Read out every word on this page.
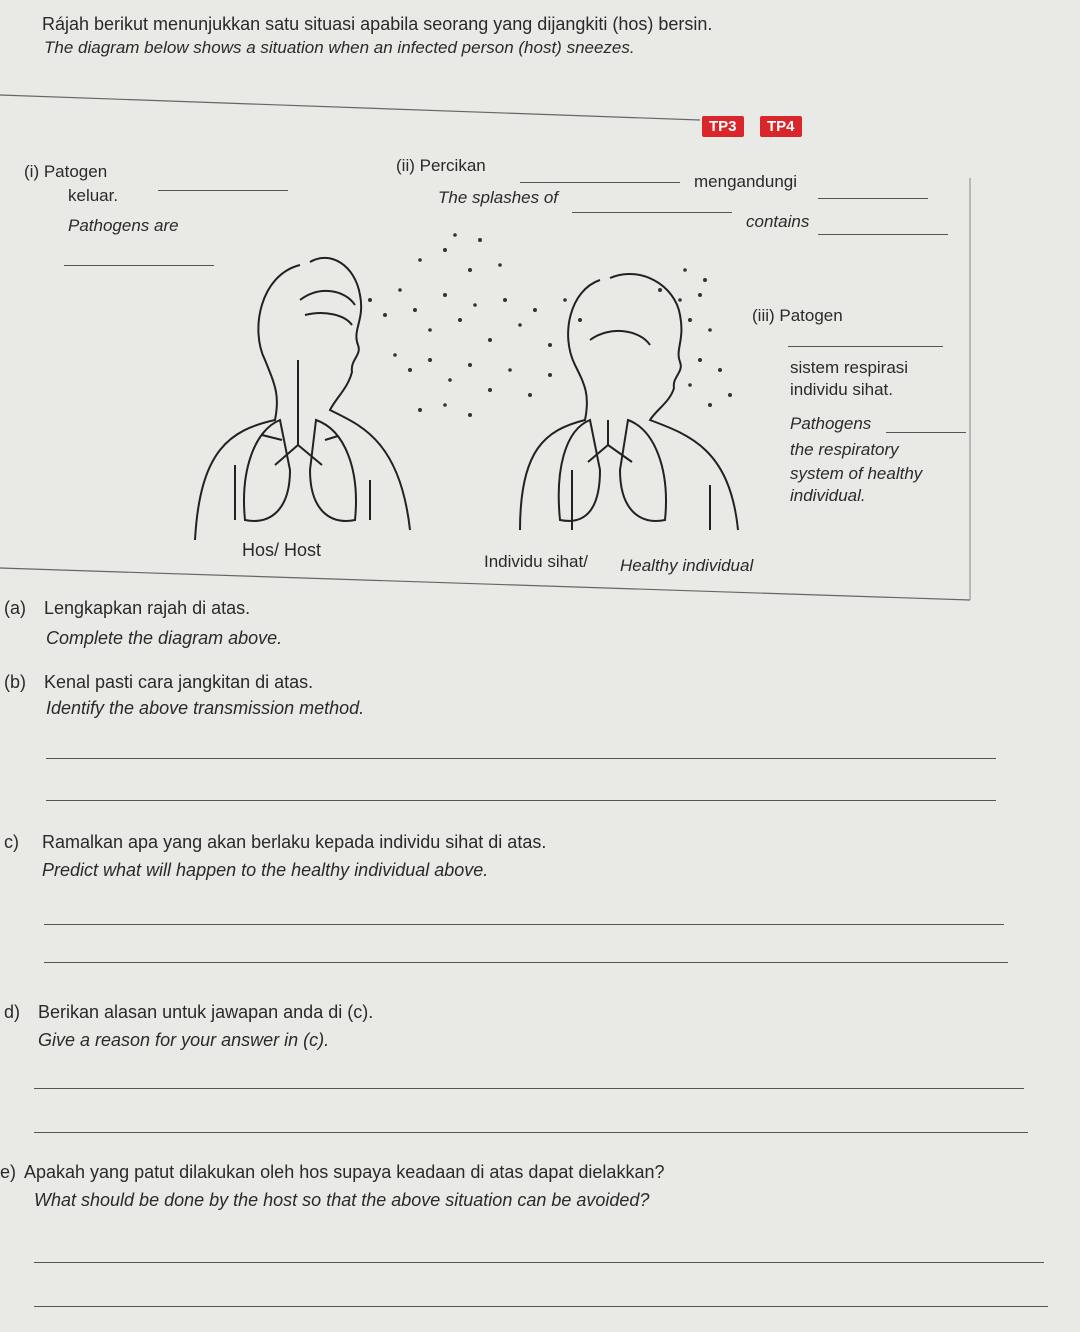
Rájah berikut menunjukkan satu situasi apabila seorang yang dijangkiti (hos) bersin.
The diagram below shows a situation when an infected person (host) sneezes.
TP3	TP4
(i) Patogen
keluar.
Pathogens are
(ii) Percikan
mengandungi
The splashes of
contains
(iii) Patogen
sistem respirasi
individu sihat.
Pathogens
the respiratory
system of healthy
individual.
Hos/ Host
Individu sihat/ Healthy individual
(a) Lengkapkan rajah di atas.
Complete the diagram above.
(b) Kenal pasti cara jangkitan di atas.
Identify the above transmission method.
c) Ramalkan apa yang akan berlaku kepada individu sihat di atas.
Predict what will happen to the healthy individual above.
d) Berikan alasan untuk jawapan anda di (c).
Give a reason for your answer in (c).
e) Apakah yang patut dilakukan oleh hos supaya keadaan di atas dapat dielakkan?
What should be done by the host so that the above situation can be avoided?
